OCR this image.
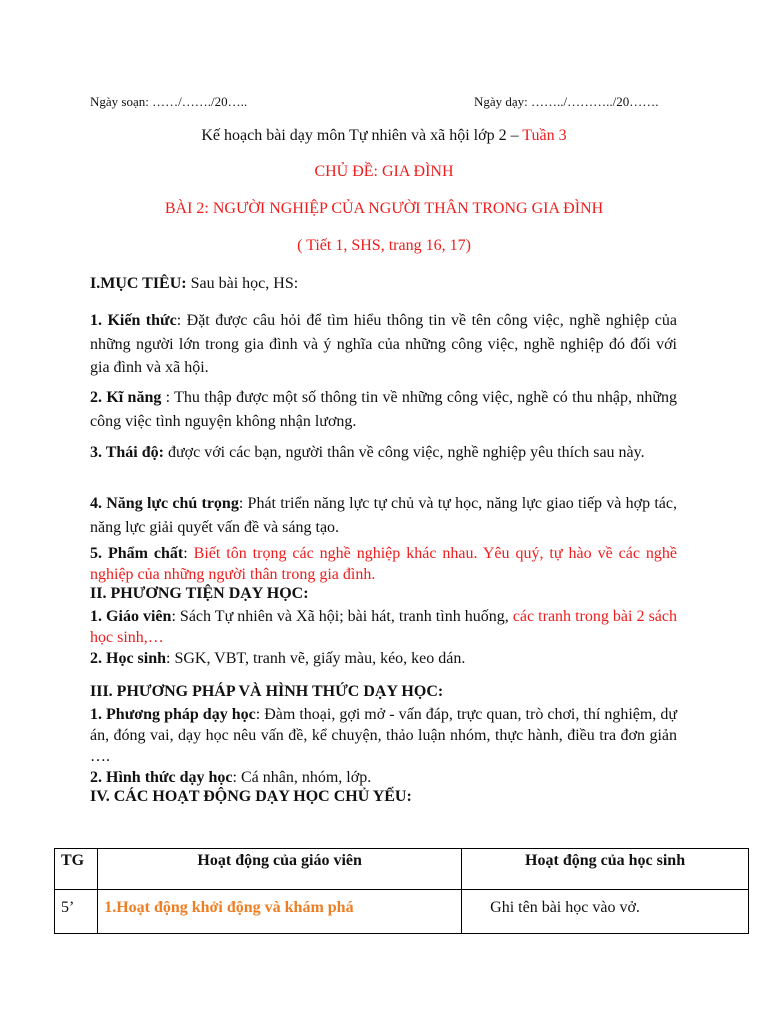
Ngày soạn: ……/……./20…..	Ngày dạy: ……../………../20…….
Kế hoạch bài dạy môn Tự nhiên và xã hội lớp 2 – Tuần 3
CHỦ ĐỀ: GIA ĐÌNH
BÀI 2: NGƯỜI NGHIỆP CỦA NGƯỜI THÂN TRONG GIA ĐÌNH
( Tiết 1, SHS, trang 16, 17)
I.MỤC TIÊU: Sau bài học, HS:
1. Kiến thức: Đặt được câu hỏi để tìm hiểu thông tin về tên công việc, nghề nghiệp của những người lớn trong gia đình và ý nghĩa của những công việc, nghề nghiệp đó đối với gia đình và xã hội.
2. Kĩ năng : Thu thập được một số thông tin về những công việc, nghề có thu nhập, những công việc tình nguyện không nhận lương.
3. Thái độ: được với các bạn, người thân về công việc, nghề nghiệp yêu thích sau này.
4. Năng lực chú trọng: Phát triển năng lực tự chủ và tự học, năng lực giao tiếp và hợp tác, năng lực giải quyết vấn đề và sáng tạo.
5. Phẩm chất: Biết tôn trọng các nghề nghiệp khác nhau. Yêu quý, tự hào về các nghề nghiệp của những người thân trong gia đình.
II. PHƯƠNG TIỆN DẠY HỌC:
1. Giáo viên: Sách Tự nhiên và Xã hội; bài hát, tranh tình huống, các tranh trong bài 2 sách học sinh,…
2. Học sinh: SGK, VBT, tranh vẽ, giấy màu, kéo, keo dán.
III. PHƯƠNG PHÁP VÀ HÌNH THỨC DẠY HỌC:
1. Phương pháp dạy học: Đàm thoại, gợi mở - vấn đáp, trực quan, trò chơi, thí nghiệm, dự án, đóng vai, dạy học nêu vấn đề, kể chuyện, thảo luận nhóm, thực hành, điều tra đơn giản ….
2. Hình thức dạy học: Cá nhân, nhóm, lớp.
IV. CÁC HOẠT ĐỘNG DẠY HỌC CHỦ YẾU:
TG	Hoạt động của giáo viên	Hoạt động của học sinh
5’	1.Hoạt động khởi động và khám phá	Ghi tên bài học vào vở.
